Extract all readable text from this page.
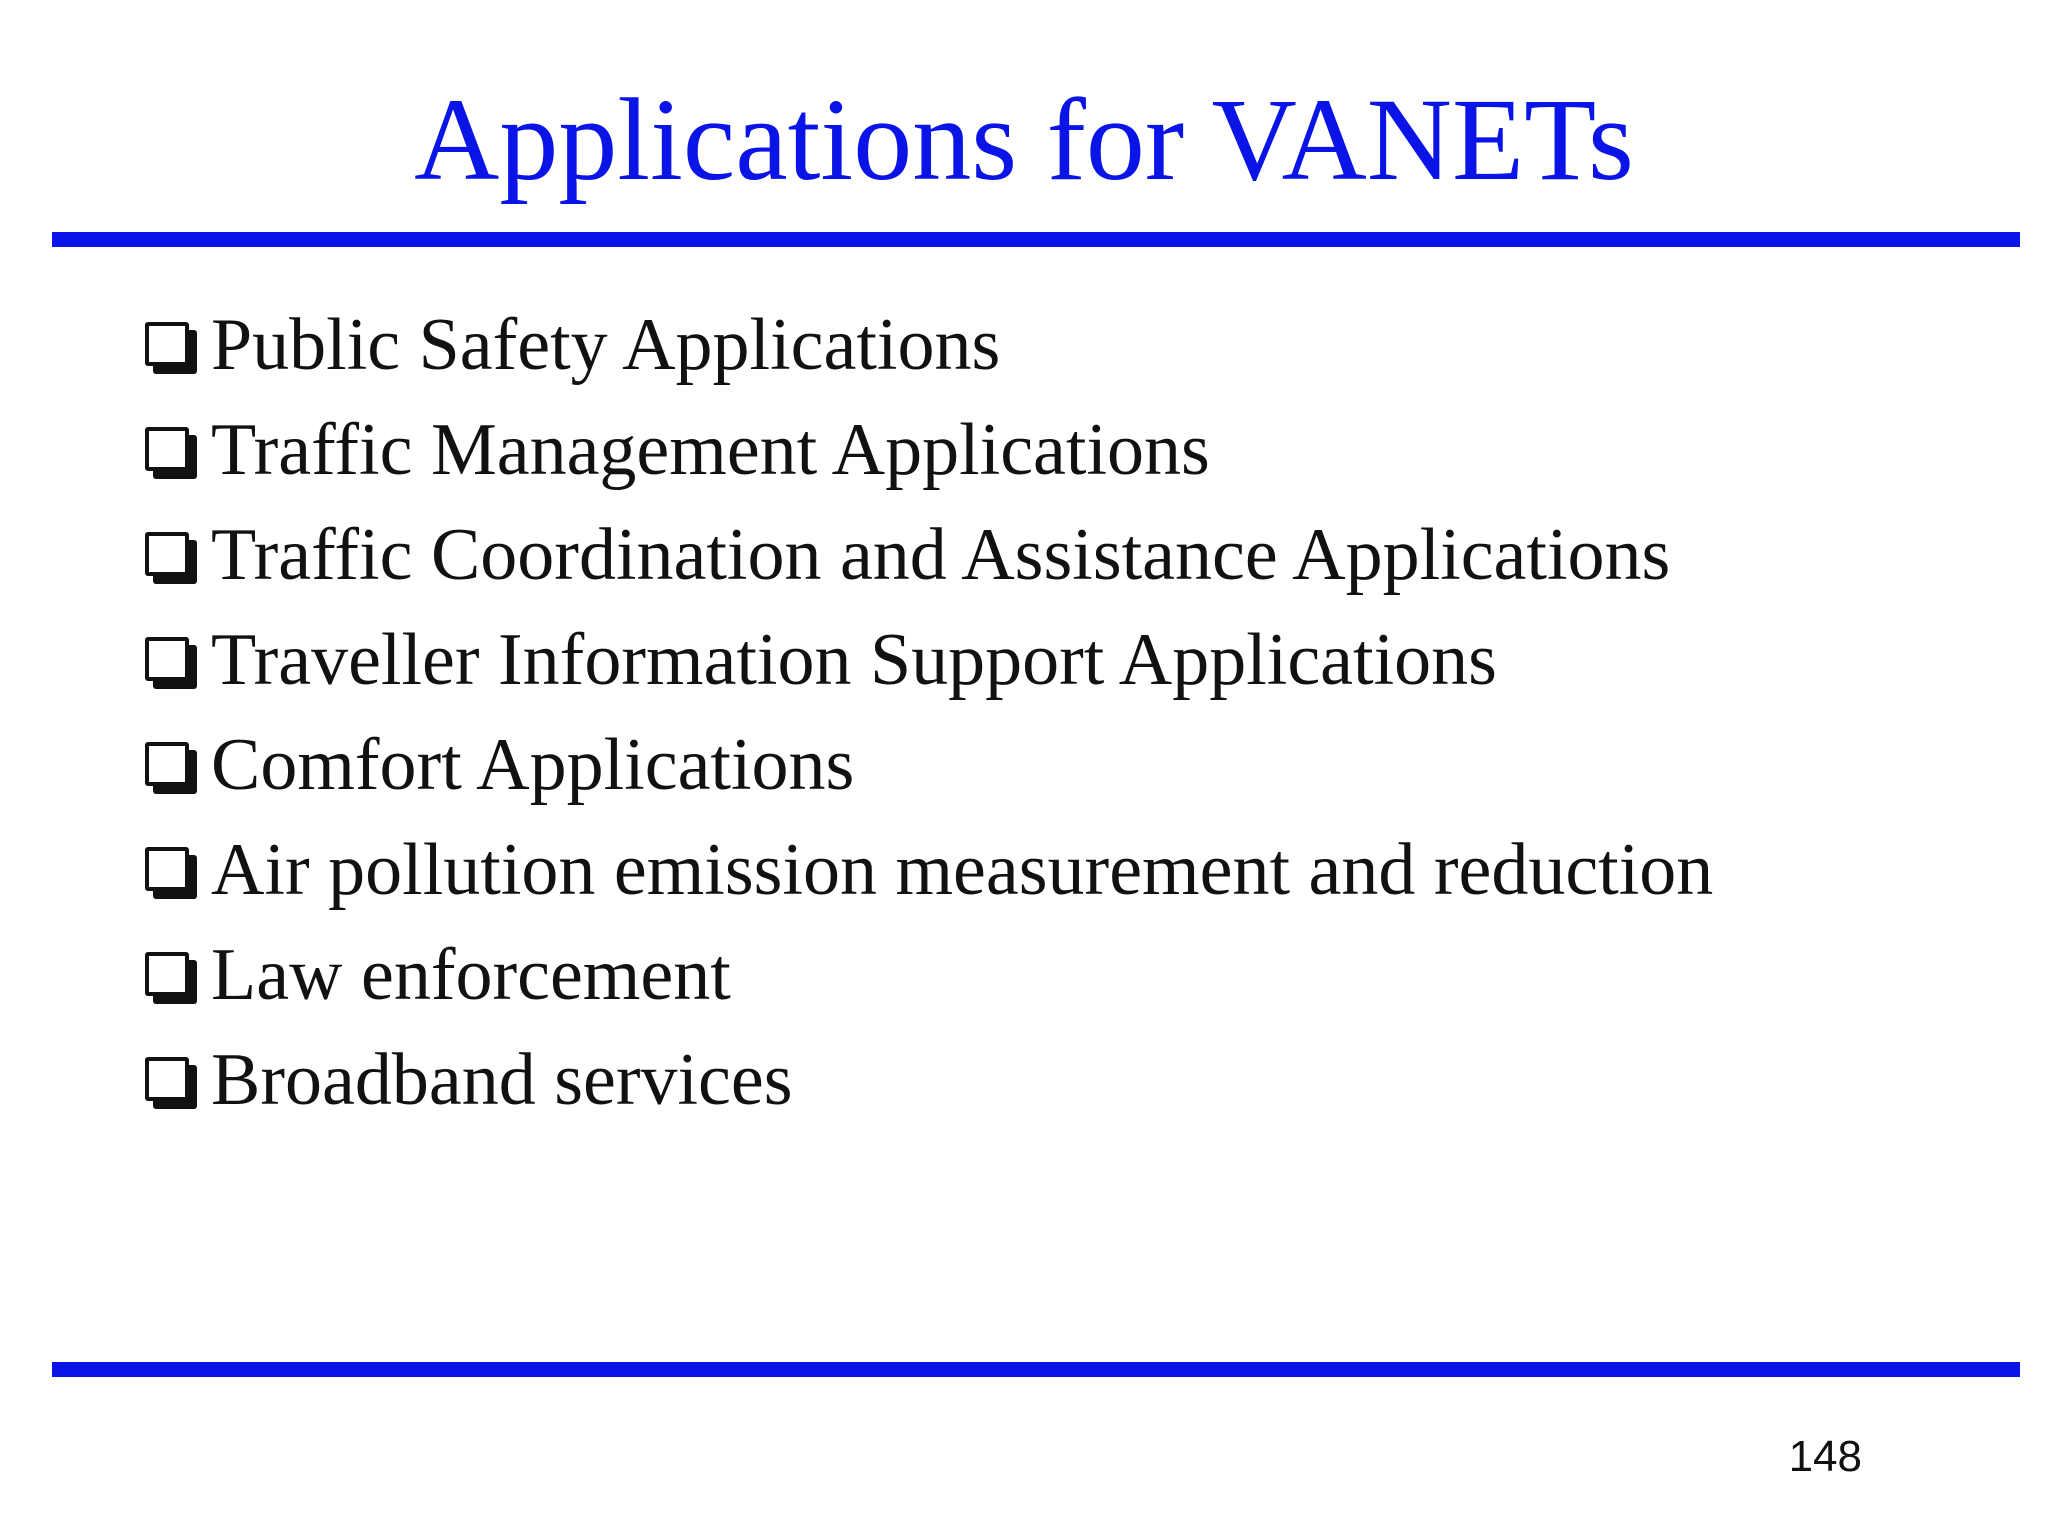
Applications for VANETs
Public Safety Applications
Traffic Management Applications
Traffic Coordination and Assistance Applications
Traveller Information Support Applications
Comfort Applications
Air pollution emission measurement and reduction
Law enforcement
Broadband services
148
